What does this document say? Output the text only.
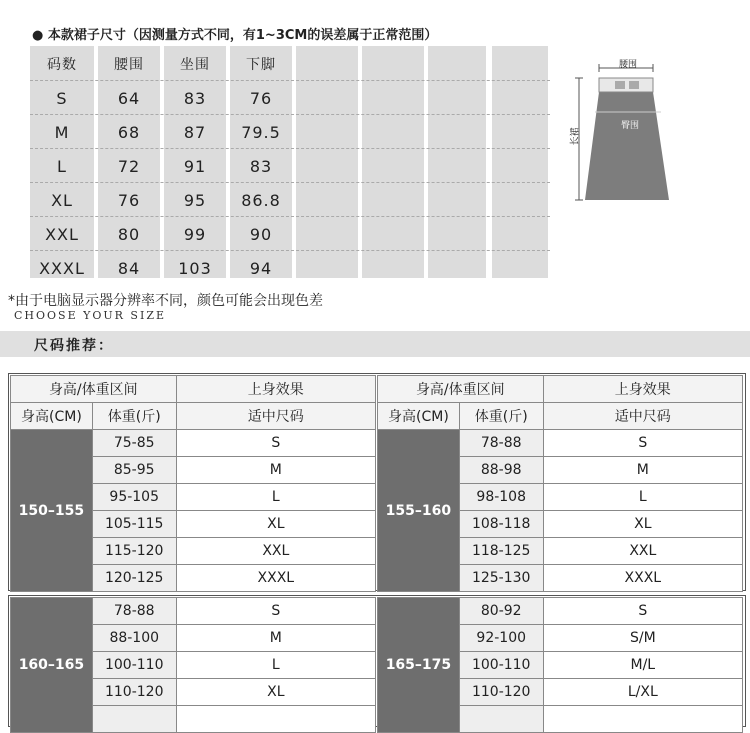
● 本款裙子尺寸（因测量方式不同，有1~3CM的误差属于正常范围）
码数	腰围	坐围	下脚
S	64	83	76
M	68	87	79.5
L	72	91	83
XL	76	95	86.8
XXL	80	99	90
XXXL	84	103	94
腰围
臀围
长裙
*由于电脑显示器分辨率不同，颜色可能会出现色差
CHOOSE YOUR SIZE
尺码推荐：
身高/体重区间		上身效果
身高(CM)	体重(斤)	适中尺码
150–155	75-85	S
	85-95	M
	95-105	L
	105-115	XL
	115-120	XXL
	120-125	XXXL
身高/体重区间		上身效果
身高(CM)	体重(斤)	适中尺码
155–160	78-88	S
	88-98	M
	98-108	L
	108-118	XL
	118-125	XXL
	125-130	XXXL
160–165	78-88	S
	88-100	M
	100-110	L
	110-120	XL

165–175	80-92	S
	92-100	S/M
	100-110	M/L
	110-120	L/XL
